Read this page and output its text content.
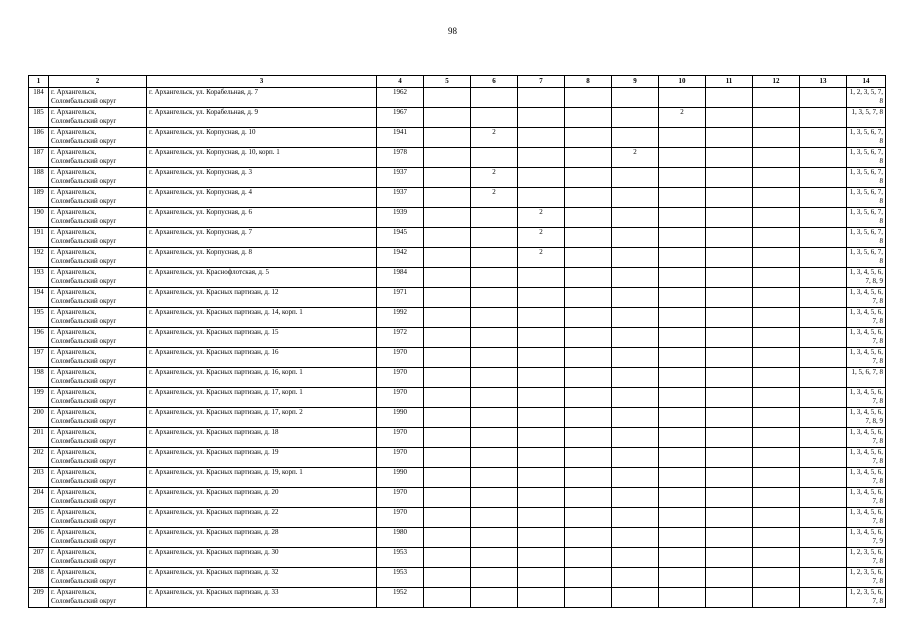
98
1	2	3	4	5	6	7	8	9	10	11	12	13	14
184	г. Архангельск, Соломбальский округ	г. Архангельск, ул. Корабельная, д. 7	1962										1, 2, 3, 5, 7, 8
185	г. Архангельск, Соломбальский округ	г. Архангельск, ул. Корабельная, д. 9	1967						2				1, 3, 5, 7, 8
186	г. Архангельск, Соломбальский округ	г. Архангельск, ул. Корпусная, д. 10	1941		2								1, 3, 5, 6, 7, 8
187	г. Архангельск, Соломбальский округ	г. Архангельск, ул. Корпусная, д. 10, корп. 1	1978					2					1, 3, 5, 6, 7, 8
188	г. Архангельск, Соломбальский округ	г. Архангельск, ул. Корпусная, д. 3	1937		2								1, 3, 5, 6, 7, 8
189	г. Архангельск, Соломбальский округ	г. Архангельск, ул. Корпусная, д. 4	1937		2								1, 3, 5, 6, 7, 8
190	г. Архангельск, Соломбальский округ	г. Архангельск, ул. Корпусная, д. 6	1939			2							1, 3, 5, 6, 7, 8
191	г. Архангельск, Соломбальский округ	г. Архангельск, ул. Корпусная, д. 7	1945			2							1, 3, 5, 6, 7, 8
192	г. Архангельск, Соломбальский округ	г. Архангельск, ул. Корпусная, д. 8	1942			2							1, 3, 5, 6, 7, 8
193	г. Архангельск, Соломбальский округ	г. Архангельск, ул. Краснофлотская, д. 5	1984										1, 3, 4, 5, 6, 7, 8, 9
194	г. Архангельск, Соломбальский округ	г. Архангельск, ул. Красных партизан, д. 12	1971										1, 3, 4, 5, 6, 7, 8
195	г. Архангельск, Соломбальский округ	г. Архангельск, ул. Красных партизан, д. 14, корп. 1	1992										1, 3, 4, 5, 6, 7, 8
196	г. Архангельск, Соломбальский округ	г. Архангельск, ул. Красных партизан, д. 15	1972										1, 3, 4, 5, 6, 7, 8
197	г. Архангельск, Соломбальский округ	г. Архангельск, ул. Красных партизан, д. 16	1970										1, 3, 4, 5, 6, 7, 8
198	г. Архангельск, Соломбальский округ	г. Архангельск, ул. Красных партизан, д. 16, корп. 1	1970										1, 5, 6, 7, 8
199	г. Архангельск, Соломбальский округ	г. Архангельск, ул. Красных партизан, д. 17, корп. 1	1970										1, 3, 4, 5, 6, 7, 8
200	г. Архангельск, Соломбальский округ	г. Архангельск, ул. Красных партизан, д. 17, корп. 2	1990										1, 3, 4, 5, 6, 7, 8, 9
201	г. Архангельск, Соломбальский округ	г. Архангельск, ул. Красных партизан, д. 18	1970										1, 3, 4, 5, 6, 7, 8
202	г. Архангельск, Соломбальский округ	г. Архангельск, ул. Красных партизан, д. 19	1970										1, 3, 4, 5, 6, 7, 8
203	г. Архангельск, Соломбальский округ	г. Архангельск, ул. Красных партизан, д. 19, корп. 1	1990										1, 3, 4, 5, 6, 7, 8
204	г. Архангельск, Соломбальский округ	г. Архангельск, ул. Красных партизан, д. 20	1970										1, 3, 4, 5, 6, 7, 8
205	г. Архангельск, Соломбальский округ	г. Архангельск, ул. Красных партизан, д. 22	1970										1, 3, 4, 5, 6, 7, 8
206	г. Архангельск, Соломбальский округ	г. Архангельск, ул. Красных партизан, д. 28	1980										1, 3, 4, 5, 6, 7, 9
207	г. Архангельск, Соломбальский округ	г. Архангельск, ул. Красных партизан, д. 30	1953										1, 2, 3, 5, 6, 7, 8
208	г. Архангельск, Соломбальский округ	г. Архангельск, ул. Красных партизан, д. 32	1953										1, 2, 3, 5, 6, 7, 8
209	г. Архангельск, Соломбальский округ	г. Архангельск, ул. Красных партизан, д. 33	1952										1, 2, 3, 5, 6, 7, 8
